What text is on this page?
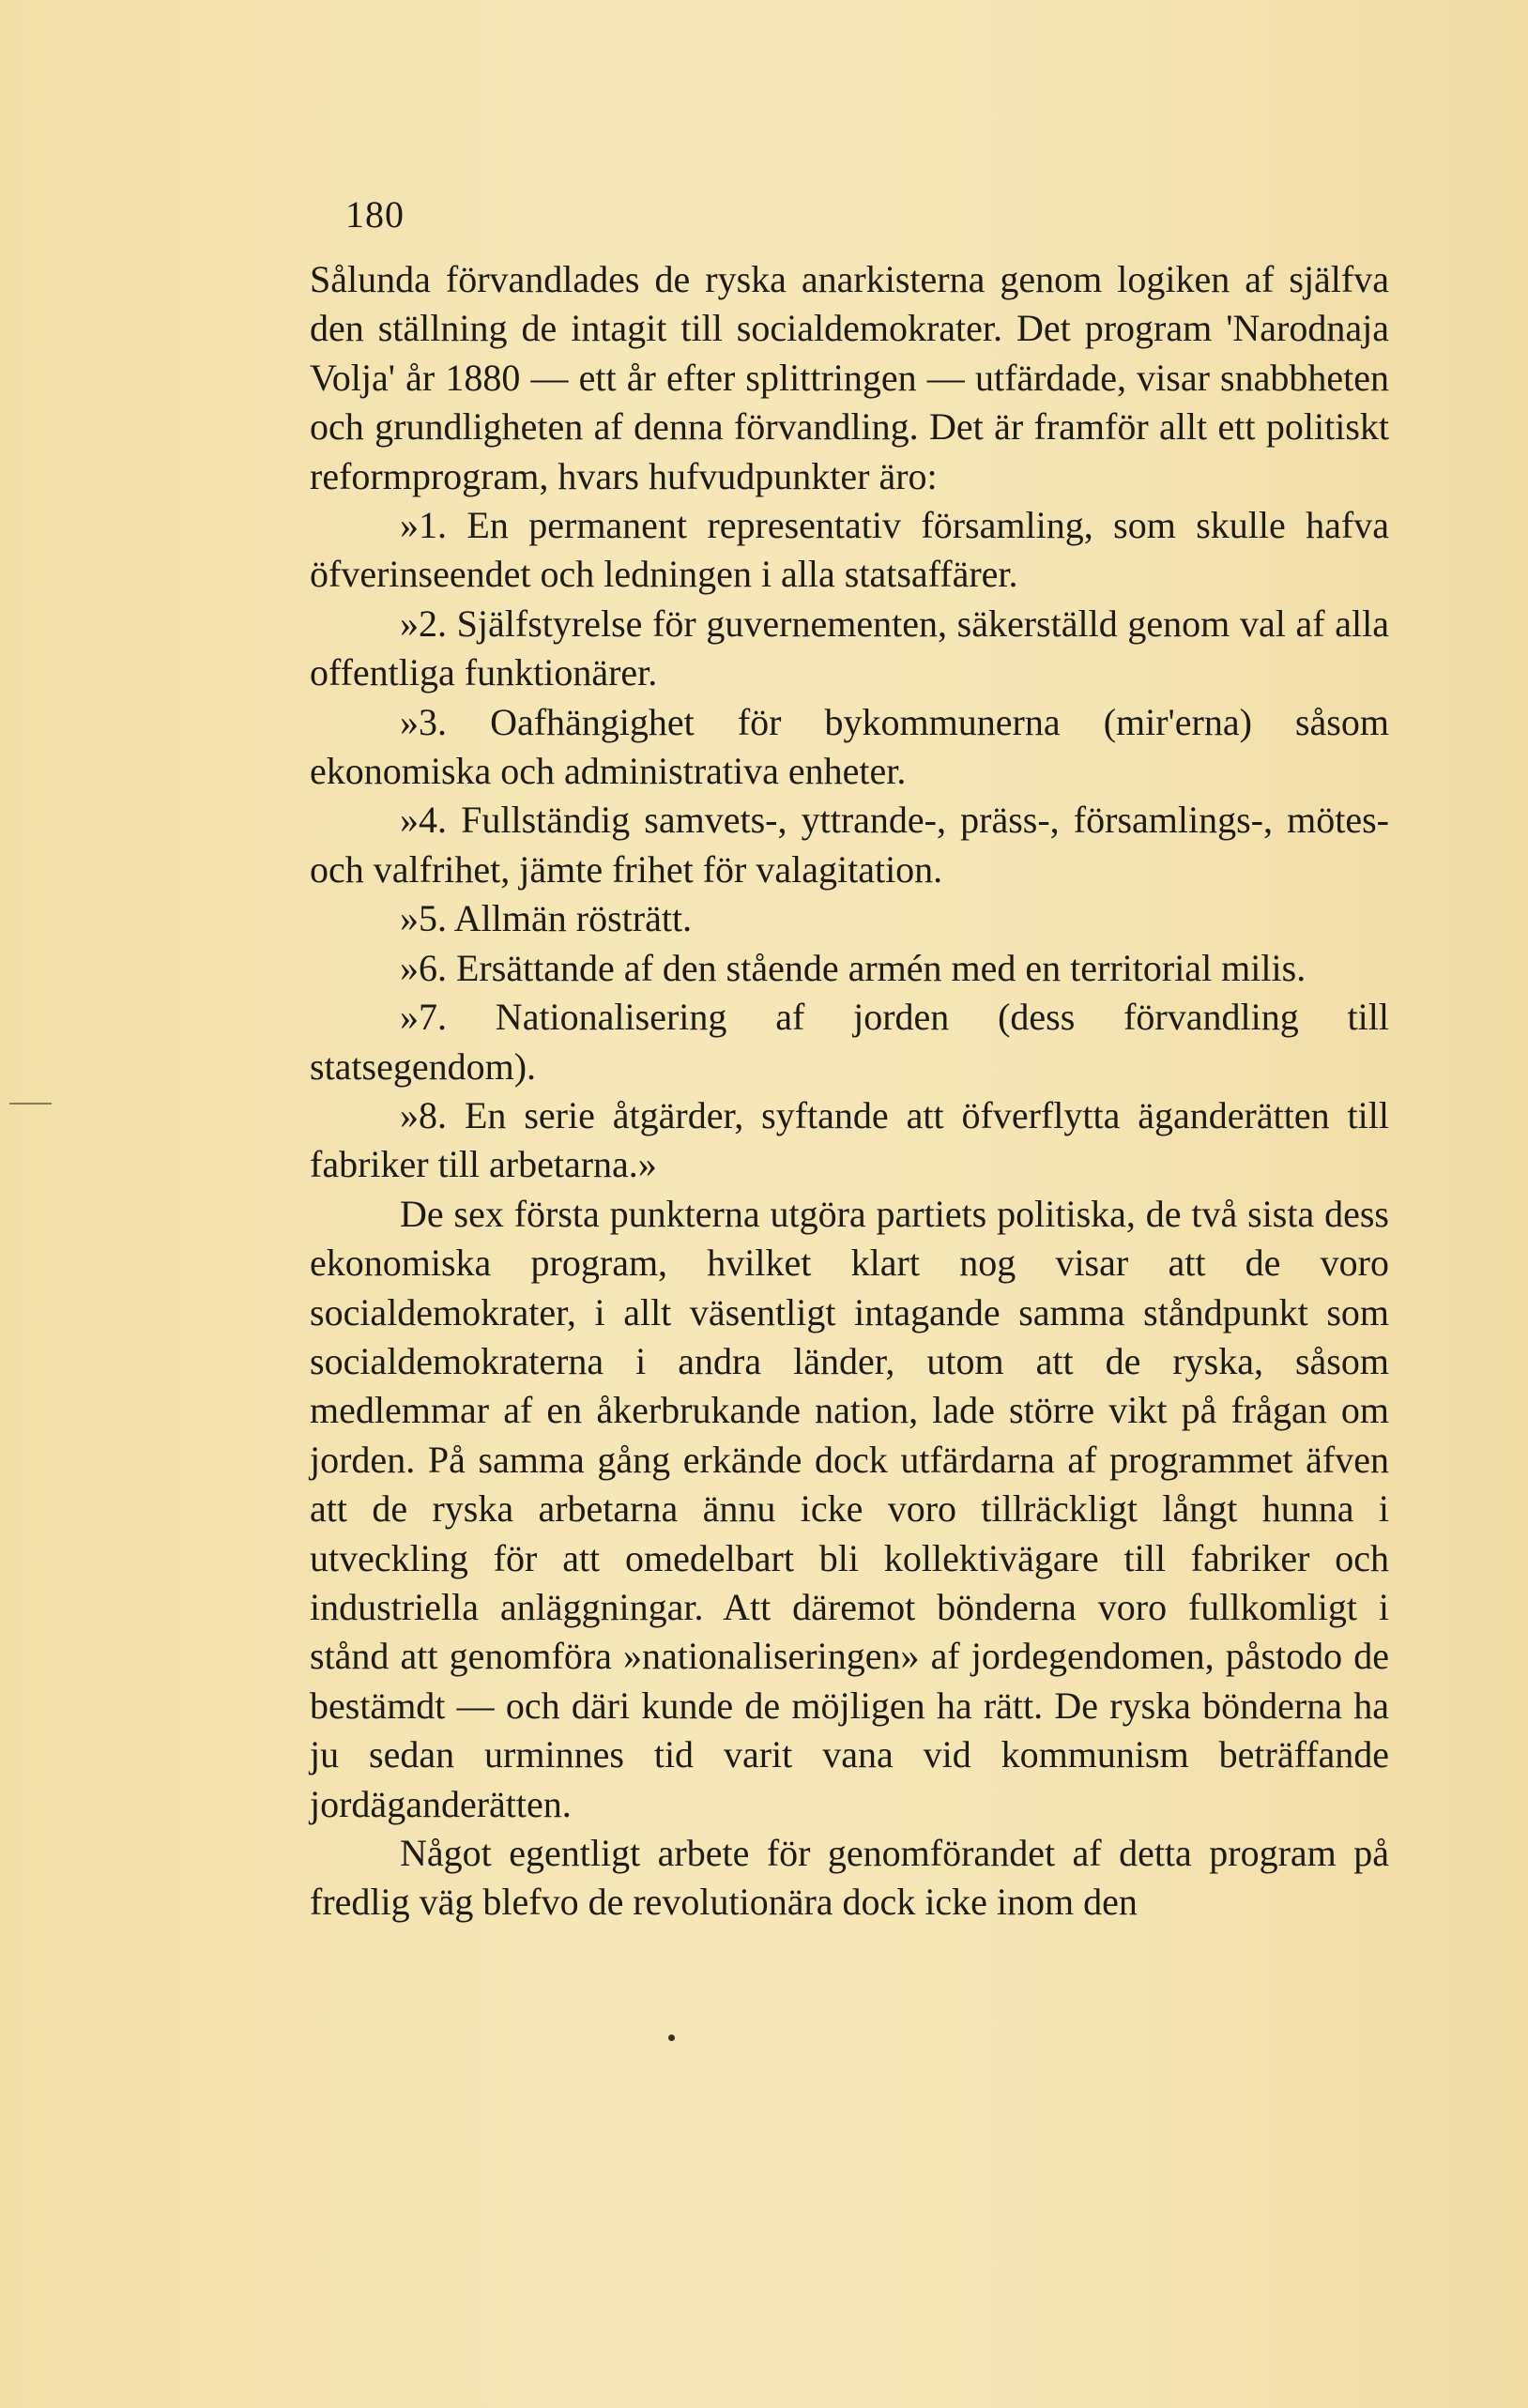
180

Sålunda förvandlades de ryska anarkisterna genom logiken af själfva den ställning de intagit till socialdemokrater. Det program 'Narodnaja Volja' år 1880 — ett år efter splittringen — utfärdade, visar snabbheten och grundligheten af denna förvandling. Det är framför allt ett politiskt reformprogram, hvars hufvudpunkter äro:

»1. En permanent representativ församling, som skulle hafva öfverinseendet och ledningen i alla statsaffärer.

»2. Själfstyrelse för guvernementen, säkerställd genom val af alla offentliga funktionärer.

»3. Oafhängighet för bykommunerna (mir'erna) såsom ekonomiska och administrativa enheter.

»4. Fullständig samvets-, yttrande-, präss-, församlings-, mötes- och valfrihet, jämte frihet för valagitation.

»5. Allmän rösträtt.

»6. Ersättande af den stående armén med en territorial milis.

»7. Nationalisering af jorden (dess förvandling till statsegendom).

»8. En serie åtgärder, syftande att öfverflytta äganderätten till fabriker till arbetarna.»

De sex första punkterna utgöra partiets politiska, de två sista dess ekonomiska program, hvilket klart nog visar att de voro socialdemokrater, i allt väsentligt intagande samma ståndpunkt som socialdemokraterna i andra länder, utom att de ryska, såsom medlemmar af en åkerbrukande nation, lade större vikt på frågan om jorden. På samma gång erkände dock utfärdarna af programmet äfven att de ryska arbetarna ännu icke voro tillräckligt långt hunna i utveckling för att omedelbart bli kollektivägare till fabriker och industriella anläggningar. Att däremot bönderna voro fullkomligt i stånd att genomföra »nationaliseringen» af jordegendomen, påstodo de bestämdt — och däri kunde de möjligen ha rätt. De ryska bönderna ha ju sedan urminnes tid varit vana vid kommunism beträffande jordäganderätten.

Något egentligt arbete för genomförandet af detta program på fredlig väg blefvo de revolutionära dock icke inom den
